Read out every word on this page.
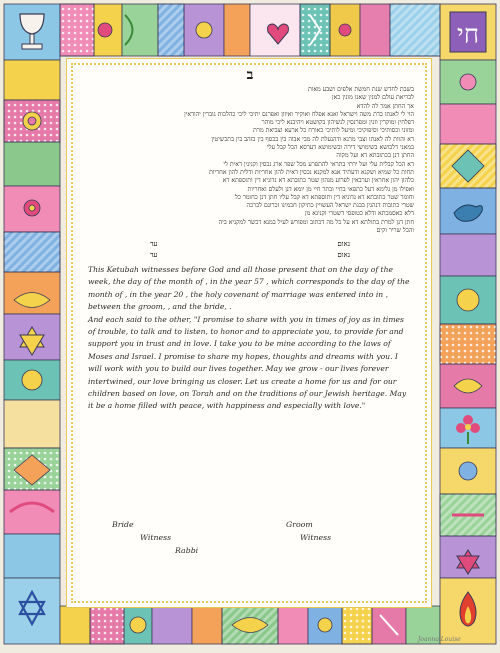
חי
ב
בשבת לחדש שנת חמשת אלפים ושבע מאות
לבריאת עולם למנין שאנו מונין כאן
אך החתן אמר לה להדא
הוי לי לאנתו כדת משה וישראל ואנא אפלח ואוקיר ואיזון ואפרנס יתיכי ליכי כהלכות גוברין יהודאין
דפלחין ומוקרין וזנין ומפרנסין לנשיהון בקושטא ויהיבנא ליכי מוהר
ומזוני וכסותיכי וסיפוקיכי ומיעל לותיכי כאורח כל ארעא וצביאת מרת
דא והוות לה לאנתו וצבי מרנא ודהנעלת לה מבי אבוה בין בכסף בין בזהב בין בתכשיטין
במאני דלבושא בשימושי דירה ובשימושא דערסא הכל קבל עלי
החתן דנן בכתובתא דא ועל מקוה
דא הכל קבלית עלי ועל ירתי בתראי להתפרע מכל שפר ארג נכסין וקנינין דאית לי
תחות כל שמיא ושקנא ודעתיד אנא למקנא נכסין דאית להון אחריות ודלית להון אחריות
כלהון יהון אחראין וערבאין לפרוע מנהון שטר כתובתא דא נדוניא דין ותוספתא דא
ואפילו מן גלימא דעל כתפאי בחיי ובתר חיי מן יומא דנן ולעלם ואחריות
וחומר שטר כתובתא דא נדוניא דין ותוספתא דא קבל עליו חתן דנן כחומר כל
שטרי כתובות דנהגין בבנת ישראל העשויין כתיקון חכמינו זכרונם לברכה
דלא כאסמכתא ודלא כטופסי דשטרי וקנינא מן
חתן דנן למרת בתולתא דא על כל מה דכתוב ומפורש לעיל במנא דכשר למקניא ביה
והכל שריר וקים
נאום
עד
נאום
עד

This Ketubah witnesses before God and all those present that on the day of the week, the day of the month of , in the year 57 , which corresponds to the day of the month of , in the year 20 , the holy covenant of marriage was entered into in , between the groom, , and the bride, .

And each said to the other, "I promise to share with you in times of joy as in times of trouble, to talk and to listen, to honor and to appreciate you, to provide for and support you in trust and in love. I take you to be mine according to the laws of Moses and Israel. I promise to share my hopes, thoughts and dreams with you. I will work with you to build our lives together. May we grow - our lives forever intertwined, our love bringing us closer. Let us create a home for us and for our children based on love, on Torah and on the traditions of our Jewish heritage. May it be a home filled with peace, with happiness and especially with love."

Bride	Groom
Witness	Witness
Rabbi
Joanna Louise
